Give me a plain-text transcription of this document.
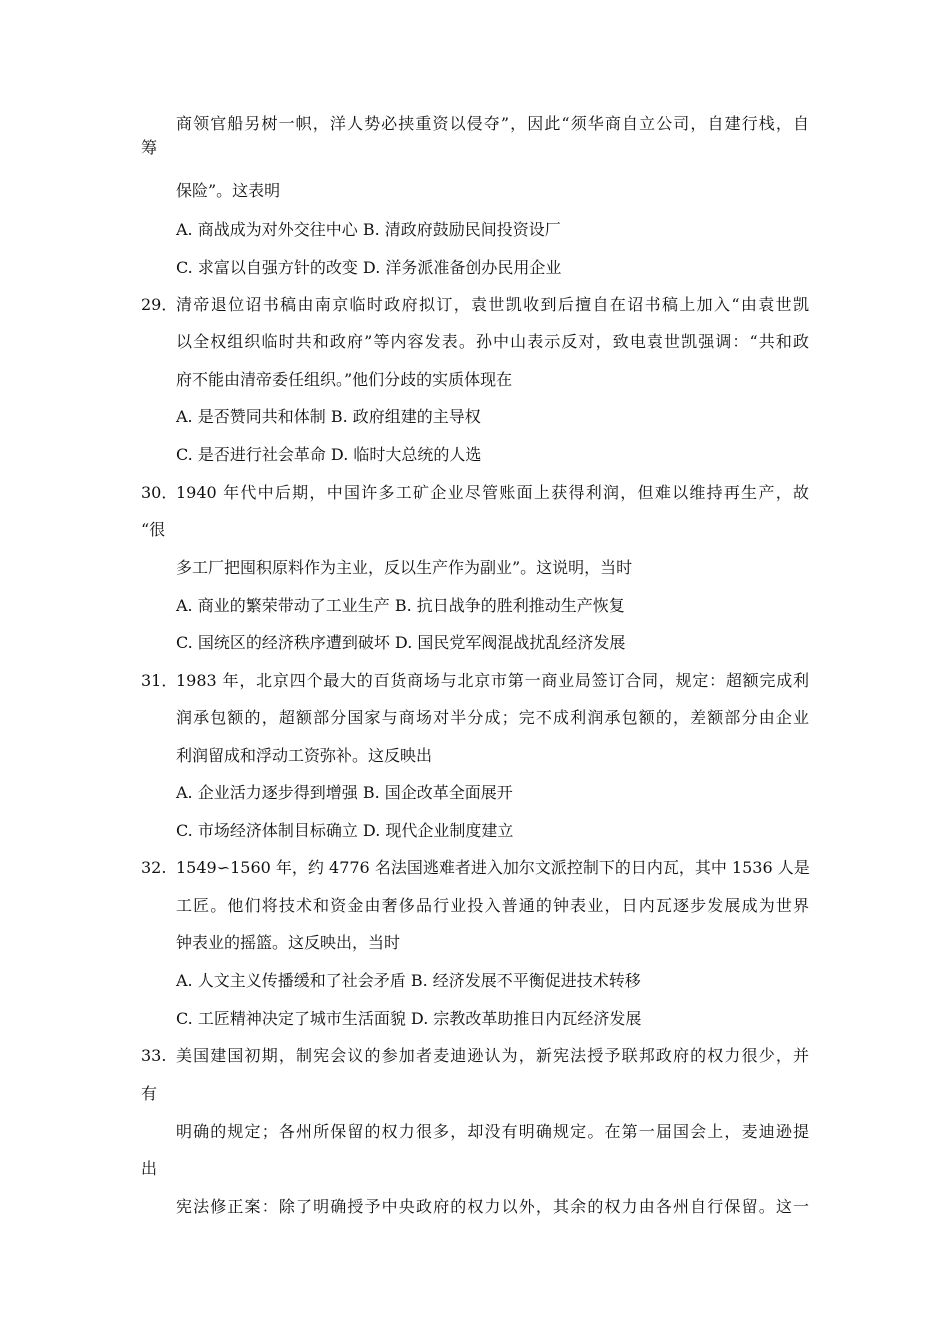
商领官船另树一帜，洋人势必挟重资以侵夺”，因此“须华商自立公司，自建行栈，自
筹
保险”。这表明
A. 商战成为对外交往中心 B. 清政府鼓励民间投资设厂
C. 求富以自强方针的改变 D. 洋务派准备创办民用企业
29．
清帝退位诏书稿由南京临时政府拟订，袁世凯收到后擅自在诏书稿上加入“由袁世凯
以全权组织临时共和政府”等内容发表。孙中山表示反对，致电袁世凯强调：“共和政
府不能由清帝委任组织。”他们分歧的实质体现在
A. 是否赞同共和体制 B. 政府组建的主导权
C. 是否进行社会革命 D. 临时大总统的人选
30．
1940 年代中后期，中国许多工矿企业尽管账面上获得利润，但难以维持再生产，故
“很
多工厂把囤积原料作为主业，反以生产作为副业”。这说明，当时
A. 商业的繁荣带动了工业生产 B. 抗日战争的胜利推动生产恢复
C. 国统区的经济秩序遭到破坏 D. 国民党军阀混战扰乱经济发展
31．
1983 年，北京四个最大的百货商场与北京市第一商业局签订合同，规定：超额完成利
润承包额的，超额部分国家与商场对半分成；完不成利润承包额的，差额部分由企业
利润留成和浮动工资弥补。这反映出
A. 企业活力逐步得到增强 B. 国企改革全面展开
C. 市场经济体制目标确立 D. 现代企业制度建立
32. 1549∽1560 年，约 4776 名法国逃难者进入加尔文派控制下的日内瓦，其中 1536 人是
工匠。他们将技术和资金由奢侈品行业投入普通的钟表业，日内瓦逐步发展成为世界
钟表业的摇篮。这反映出，当时
A. 人文主义传播缓和了社会矛盾 B. 经济发展不平衡促进技术转移
C. 工匠精神决定了城市生活面貌 D. 宗教改革助推日内瓦经济发展
33. 美国建国初期，制宪会议的参加者麦迪逊认为，新宪法授予联邦政府的权力很少，并
有
明确的规定；各州所保留的权力很多，却没有明确规定。在第一届国会上，麦迪逊提
出
宪法修正案：除了明确授予中央政府的权力以外，其余的权力由各州自行保留。这一
